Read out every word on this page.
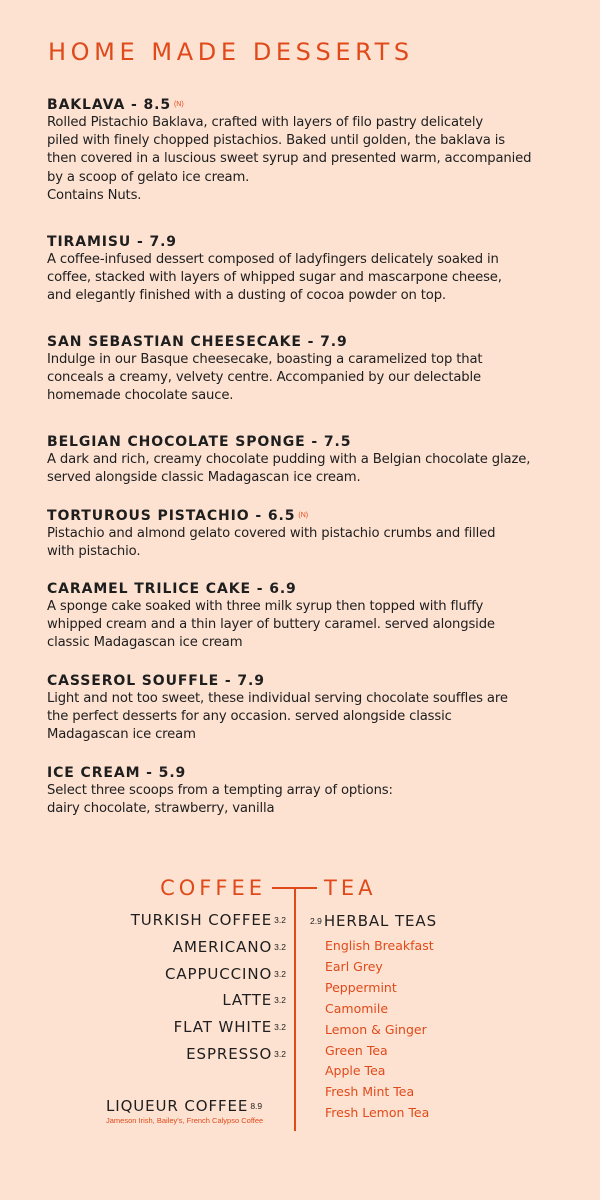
HOME MADE DESSERTS
BAKLAVA - 8.5 (N)
Rolled Pistachio Baklava, crafted with layers of filo pastry delicately
piled with finely chopped pistachios. Baked until golden, the baklava is
then covered in a luscious sweet syrup and presented warm, accompanied
by a scoop of gelato ice cream.
Contains Nuts.
TIRAMISU - 7.9
A coffee-infused dessert composed of ladyfingers delicately soaked in
coffee, stacked with layers of whipped sugar and mascarpone cheese,
and elegantly finished with a dusting of cocoa powder on top.
SAN SEBASTIAN CHEESECAKE - 7.9
Indulge in our Basque cheesecake, boasting a caramelized top that
conceals a creamy, velvety centre. Accompanied by our delectable
homemade chocolate sauce.
BELGIAN CHOCOLATE SPONGE - 7.5
A dark and rich, creamy chocolate pudding with a Belgian chocolate glaze,
served alongside classic Madagascan ice cream.
TORTUROUS PISTACHIO - 6.5 (N)
Pistachio and almond gelato covered with pistachio crumbs and filled
with pistachio.
CARAMEL TRILICE CAKE - 6.9
A sponge cake soaked with three milk syrup then topped with fluffy
whipped cream and a thin layer of buttery caramel. served alongside
classic Madagascan ice cream
CASSEROL SOUFFLE - 7.9
Light and not too sweet, these individual serving chocolate souffles are
the perfect desserts for any occasion. served alongside classic
Madagascan ice cream
ICE CREAM - 5.9
Select three scoops from a tempting array of options:
dairy chocolate, strawberry, vanilla
COFFEE	TEA
TURKISH COFFEE 3.2
AMERICANO 3.2
CAPPUCCINO 3.2
LATTE 3.2
FLAT WHITE 3.2
ESPRESSO 3.2
LIQUEUR COFFEE 8.9
Jameson Irish, Bailey's, French Calypso Coffee
2.9 HERBAL TEAS
English Breakfast
Earl Grey
Peppermint
Camomile
Lemon & Ginger
Green Tea
Apple Tea
Fresh Mint Tea
Fresh Lemon Tea
